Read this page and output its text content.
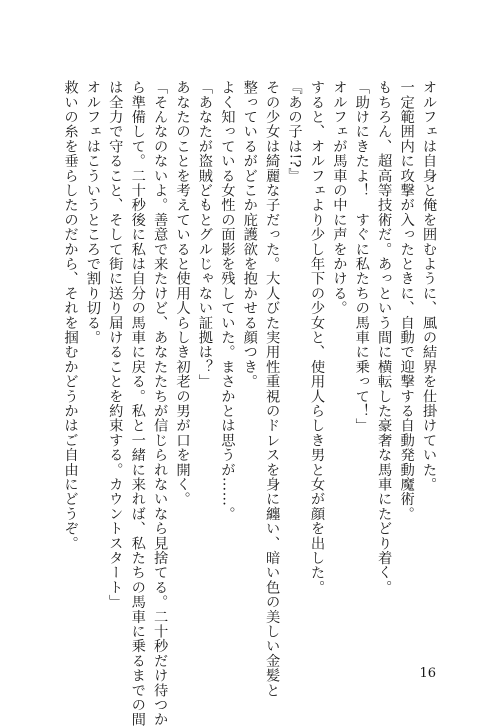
オルフェは自身と俺を囲むように、風の結界を仕掛けていた。

一定範囲内に攻撃が入ったときに、自動で迎撃する自動発動魔術。

もちろん、超高等技術だ。あっという間に横転した豪奢な馬車にたどり着く。

「助けにきたよ！　すぐに私たちの馬車に乗って！」

オルフェが馬車の中に声をかける。

すると、オルフェより少し年下の少女と、使用人らしき男と女が顔を出した。

『あの子は!?』

その少女は綺麗な子だった。大人びた実用性重視のドレスを身に纏い、暗い色の美しい金髪と

整っているがどこか庇護欲を抱かせる顔つき。

よく知っている女性の面影を残していた。まさかとは思うが……。

「あなたが盗賊どもとグルじゃない証拠は？」

あなたのことを考えていると使用人らしき初老の男が口を開く。

「そんなのないよ。善意で来たけど、あなたたちが信じられないなら見捨てる。二十秒だけ待つか

ら準備して。二十秒後に私は自分の馬車に戻る。私と一緒に来れば、私たちの馬車に乗るまでの間

は全力で守ること、そして街に送り届けることを約束する。カウントスタート」

オルフェはこういうところで割り切る。

救いの糸を垂らしたのだから、それを掴むかどうかはご自由にどうぞ。

16
